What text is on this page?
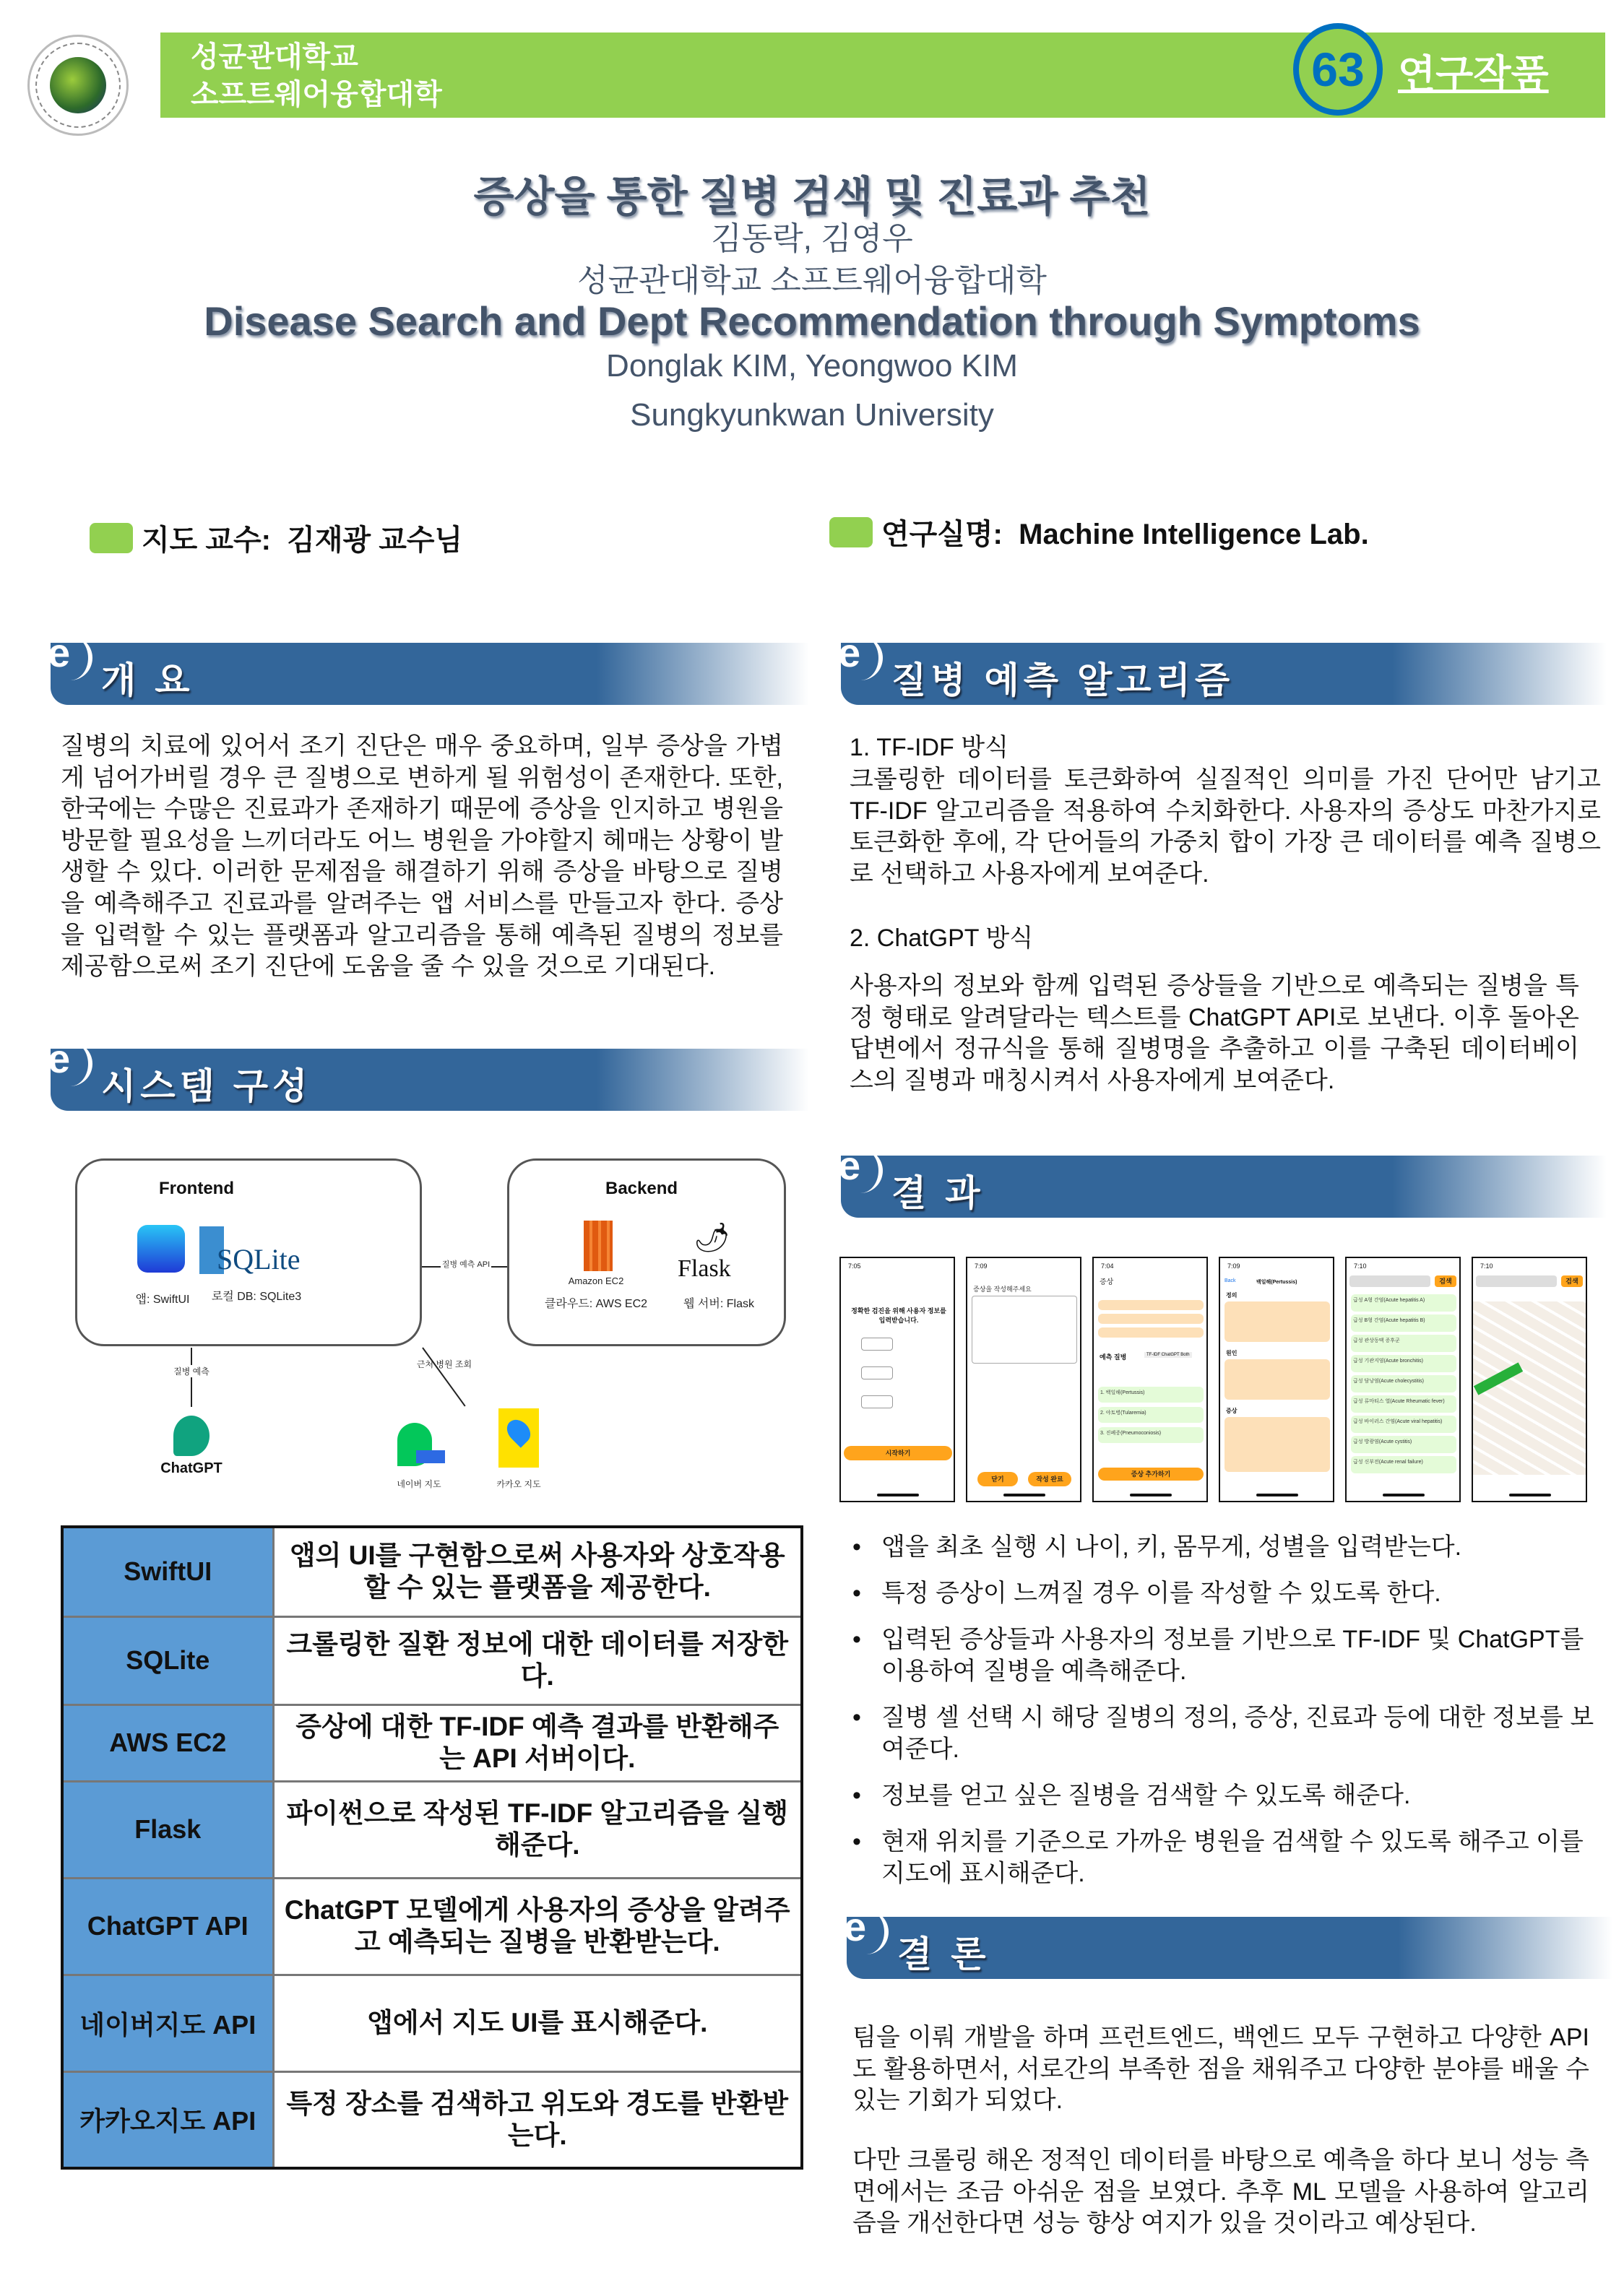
성균관대학교
소프트웨어융합대학	63 연구작품
증상을 통한 질병 검색 및 진료과 추천
김동락, 김영우
성균관대학교 소프트웨어융합대학
Disease Search and Dept Recommendation through Symptoms
Donglak KIM, Yeongwoo KIM
Sungkyunkwan University
지도 교수: 김재광 교수님	연구실명: Machine Intelligence Lab.
e
개 요
질병의 치료에 있어서 조기 진단은 매우 중요하며, 일부 증상을 가볍게 넘어가버릴 경우 큰 질병으로 변하게 될 위험성이 존재한다. 또한, 한국에는 수많은 진료과가 존재하기 때문에 증상을 인지하고 병원을 방문할 필요성을 느끼더라도 어느 병원을 가야할지 헤매는 상황이 발생할 수 있다. 이러한 문제점을 해결하기 위해 증상을 바탕으로 질병을 예측해주고 진료과를 알려주는 앱 서비스를 만들고자 한다. 증상을 입력할 수 있는 플랫폼과 알고리즘을 통해 예측된 질병의 정보를 제공함으로써 조기 진단에 도움을 줄 수 있을 것으로 기대된다.
e
시스템 구성
Frontend	Backend
앱: SwiftUI
SQLite
로컬 DB: SQLite3
Amazon EC2
클라우드: AWS EC2
🌶
Flask
웹 서버: Flask
질병 예측 API
질병 예측
근처 병원 조회
ChatGPT
네이버 지도	카카오 지도
SwiftUI	앱의 UI를 구현함으로써 사용자와 상호작용할 수 있는 플랫폼을 제공한다.
SQLite	크롤링한 질환 정보에 대한 데이터를 저장한다.
AWS EC2	증상에 대한 TF-IDF 예측 결과를 반환해주는 API 서버이다.
Flask	파이썬으로 작성된 TF-IDF 알고리즘을 실행해준다.
ChatGPT API	ChatGPT 모델에게 사용자의 증상을 알려주고 예측되는 질병을 반환받는다.
네이버지도 API	앱에서 지도 UI를 표시해준다.
카카오지도 API	특정 장소를 검색하고 위도와 경도를 반환받는다.
e
질병 예측 알고리즘
1. TF-IDF 방식
크롤링한 데이터를 토큰화하여 실질적인 의미를 가진 단어만 남기고 TF-IDF 알고리즘을 적용하여 수치화한다. 사용자의 증상도 마찬가지로 토큰화한 후에, 각 단어들의 가중치 합이 가장 큰 데이터를 예측 질병으로 선택하고 사용자에게 보여준다.
2. ChatGPT 방식
사용자의 정보와 함께 입력된 증상들을 기반으로 예측되는 질병을 특정 형태로 알려달라는 텍스트를 ChatGPT API로 보낸다. 이후 돌아온 답변에서 정규식을 통해 질병명을 추출하고 이를 구축된 데이터베이스의 질병과 매칭시켜서 사용자에게 보여준다.
e
결 과
7:05
정확한 검진을 위해 사용자 정보를 입력받습니다.
시작하기
7:09
증상을 작성해주세요
닫기	작성 완료
7:04
증상
예측 질병	TF-IDF ChatGPT Both
1. 백일해(Pertussis)
2. 야토병(Tularemia)
3. 진폐증(Pneumoconiosis)
증상 추가하기
7:09
Back	백일해(Pertussis)
정의
원인
증상
7:10
검색
급성 A형 간염(Acute hepatitis A)
급성 B형 간염(Acute hepatitis B)
급성 관상동맥 증후군
급성 기관지염(Acute bronchitis)
급성 담낭염(Acute cholecystitis)
급성 류마티스 열(Acute Rheumatic fever)
급성 바이러스 간염(Acute viral hepatitis)
급성 방광염(Acute cystitis)
급성 신부전(Acute renal failure)
7:10
검색
• 앱을 최초 실행 시 나이, 키, 몸무게, 성별을 입력받는다.
• 특정 증상이 느껴질 경우 이를 작성할 수 있도록 한다.
• 입력된 증상들과 사용자의 정보를 기반으로 TF-IDF 및 ChatGPT를 이용하여 질병을 예측해준다.
• 질병 셀 선택 시 해당 질병의 정의, 증상, 진료과 등에 대한 정보를 보여준다.
• 정보를 얻고 싶은 질병을 검색할 수 있도록 해준다.
• 현재 위치를 기준으로 가까운 병원을 검색할 수 있도록 해주고 이를 지도에 표시해준다.
e
결 론
팀을 이뤄 개발을 하며 프런트엔드, 백엔드 모두 구현하고 다양한 API도 활용하면서, 서로간의 부족한 점을 채워주고 다양한 분야를 배울 수 있는 기회가 되었다.
다만 크롤링 해온 정적인 데이터를 바탕으로 예측을 하다 보니 성능 측면에서는 조금 아쉬운 점을 보였다. 추후 ML 모델을 사용하여 알고리즘을 개선한다면 성능 향상 여지가 있을 것이라고 예상된다.
